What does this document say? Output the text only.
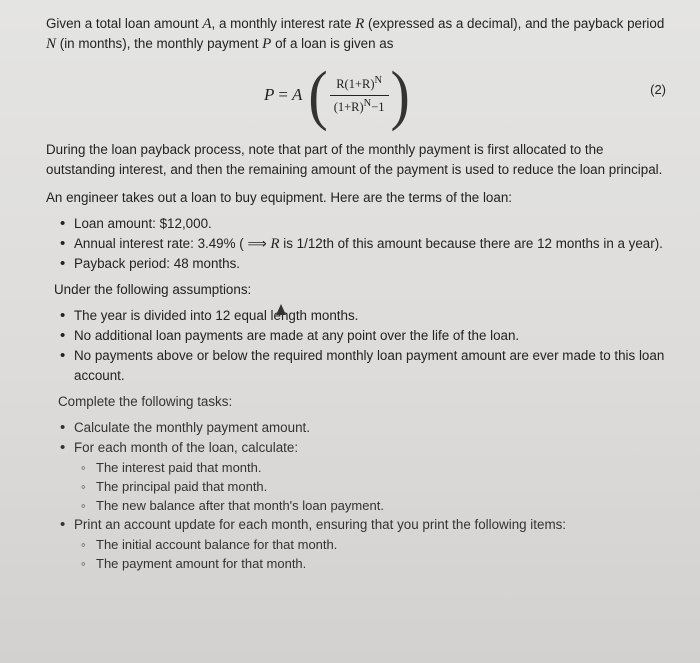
Given a total loan amount A, a monthly interest rate R (expressed as a decimal), and the payback period N (in months), the monthly payment P of a loan is given as

P = A ( $\frac{R(1+R)^N}{(1+R)^N-1}$ )	(2)

During the loan payback process, note that part of the monthly payment is first allocated to the outstanding interest, and then the remaining amount of the payment is used to reduce the loan principal.

An engineer takes out a loan to buy equipment. Here are the terms of the loan:

• Loan amount: $12,000.
• Annual interest rate: 3.49% ( ⟹ R is 1/12th of this amount because there are 12 months in a year).
• Payback period: 48 months.
Under the following assumptions:
• The year is divided into 12 equal length months.
• No additional loan payments are made at any point over the life of the loan.
• No payments above or below the required monthly loan payment amount are ever made to this loan account.
Complete the following tasks:
• Calculate the monthly payment amount.
• For each month of the loan, calculate:
◦ The interest paid that month.
◦ The principal paid that month.
◦ The new balance after that month's loan payment.
• Print an account update for each month, ensuring that you print the following items:
◦ The initial account balance for that month.
◦ The payment amount for that month.
